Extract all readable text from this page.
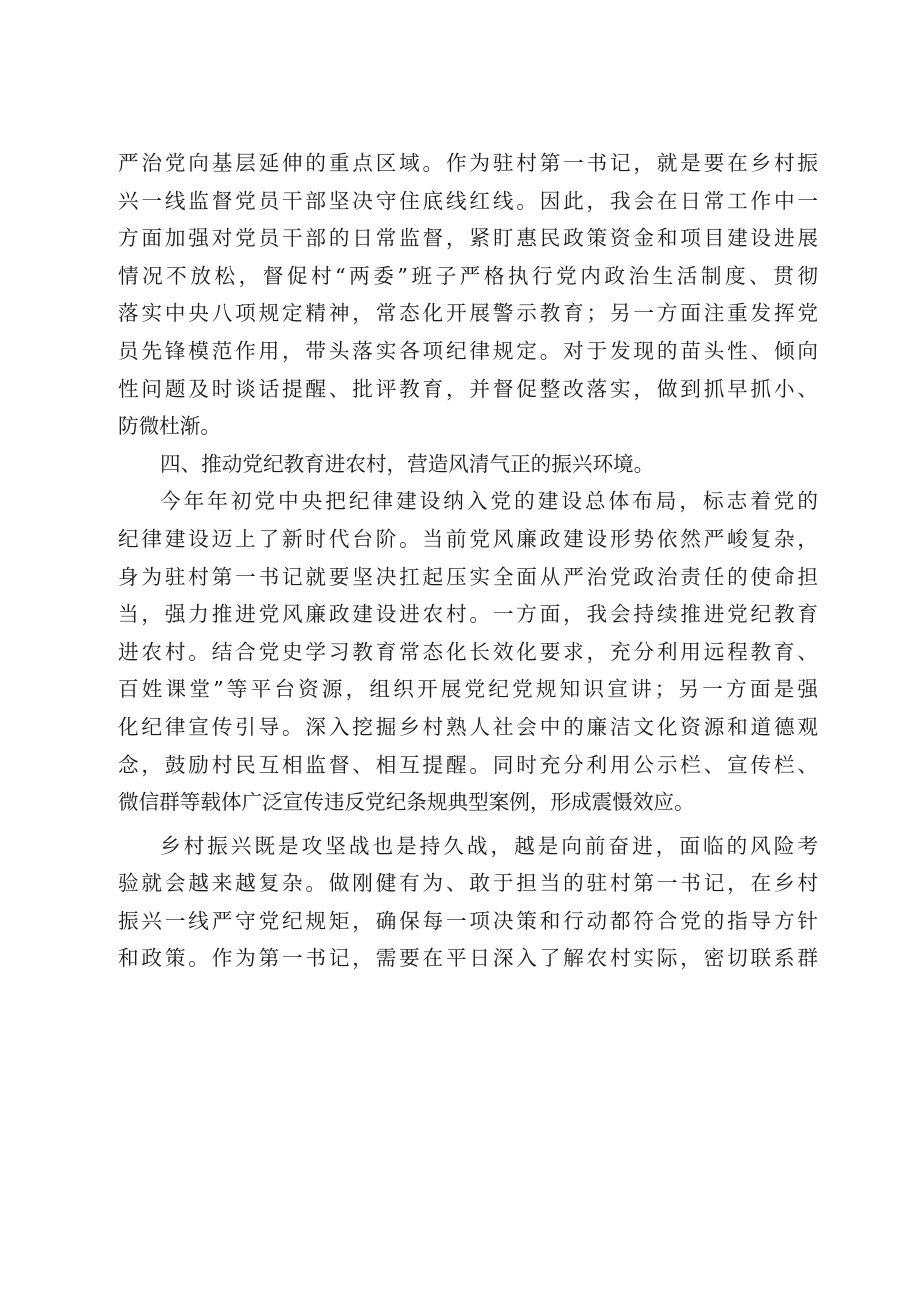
严治党向基层延伸的重点区域。作为驻村第一书记，就是要在乡村振
兴一线监督党员干部坚决守住底线红线。因此，我会在日常工作中一
方面加强对党员干部的日常监督，紧盯惠民政策资金和项目建设进展
情况不放松，督促村“两委”班子严格执行党内政治生活制度、贯彻
落实中央八项规定精神，常态化开展警示教育；另一方面注重发挥党
员先锋模范作用，带头落实各项纪律规定。对于发现的苗头性、倾向
性问题及时谈话提醒、批评教育，并督促整改落实，做到抓早抓小、
防微杜渐。
四、推动党纪教育进农村，营造风清气正的振兴环境。
今年年初党中央把纪律建设纳入党的建设总体布局，标志着党的
纪律建设迈上了新时代台阶。当前党风廉政建设形势依然严峻复杂，
身为驻村第一书记就要坚决扛起压实全面从严治党政治责任的使命担
当，强力推进党风廉政建设进农村。一方面，我会持续推进党纪教育
进农村。结合党史学习教育常态化长效化要求，充分利用远程教育、
百姓课堂”等平台资源，组织开展党纪党规知识宣讲；另一方面是强
化纪律宣传引导。深入挖掘乡村熟人社会中的廉洁文化资源和道德观
念，鼓励村民互相监督、相互提醒。同时充分利用公示栏、宣传栏、
微信群等载体广泛宣传违反党纪条规典型案例，形成震慑效应。
乡村振兴既是攻坚战也是持久战，越是向前奋进，面临的风险考
验就会越来越复杂。做刚健有为、敢于担当的驻村第一书记，在乡村
振兴一线严守党纪规矩，确保每一项决策和行动都符合党的指导方针
和政策。作为第一书记，需要在平日深入了解农村实际，密切联系群
